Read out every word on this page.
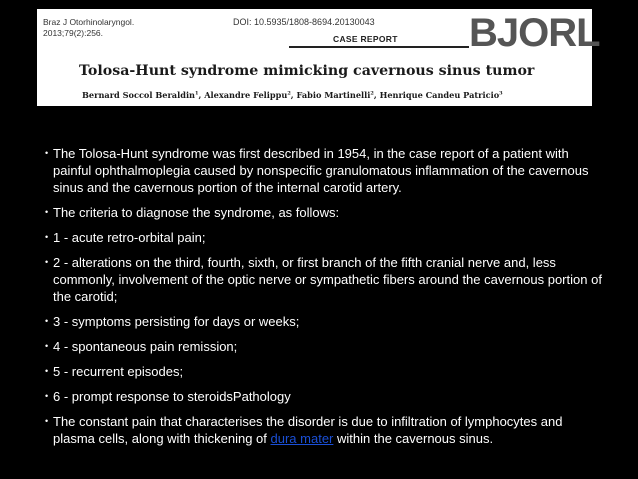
Braz J Otorhinolaryngol.
2013;79(2):256.
DOI: 10.5935/1808-8694.20130043
CASE REPORT BJORL
Tolosa-Hunt syndrome mimicking cavernous sinus tumor
Bernard Soccol Beraldin$^1$, Alexandre Felippu$^2$, Fabio Martinelli$^2$, Henrique Candeu Patricio$^3$
• The Tolosa-Hunt syndrome was first described in 1954, in the case report of a patient with painful ophthalmoplegia caused by nonspecific granulomatous inflammation of the cavernous sinus and the cavernous portion of the internal carotid artery.
• The criteria to diagnose the syndrome, as follows:
• 1 - acute retro-orbital pain;
• 2 - alterations on the third, fourth, sixth, or first branch of the fifth cranial nerve and, less commonly, involvement of the optic nerve or sympathetic fibers around the cavernous portion of the carotid;
• 3 - symptoms persisting for days or weeks;
• 4 - spontaneous pain remission;
• 5 - recurrent episodes;
• 6 - prompt response to steroidsPathology
• The constant pain that characterises the disorder is due to infiltration of lymphocytes and plasma cells, along with thickening of dura mater within the cavernous sinus.
